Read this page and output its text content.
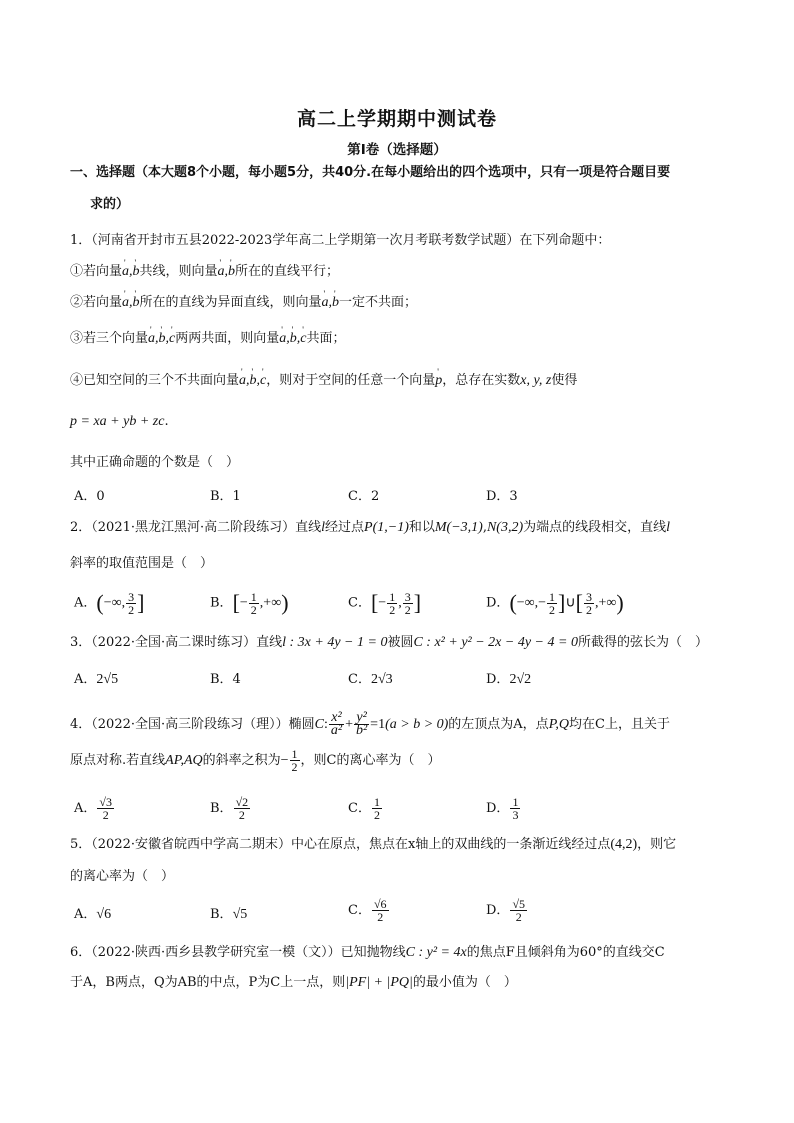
高二上学期期中测试卷
第I卷（选择题）
一、选择题（本大题8个小题，每小题5分，共40分.在每小题给出的四个选项中，只有一项是符合题目要
求的）
1．（河南省开封市五县2022-2023学年高二上学期第一次月考联考数学试题）在下列命题中：
①若向量' a,' b共线，则向量' a,' b所在的直线平行；
②若向量' a,' b所在的直线为异面直线，则向量' a,' b一定不共面；
③若三个向量' a,' b,' c两两共面，则向量' a,' b,' c共面；
④已知空间的三个不共面向量' a,' b,' c，则对于空间的任意一个向量' p，总存在实数x, y, z使得
p = xa + yb + zc.
其中正确命题的个数是（　）
A．0	B．1	C．2	D．3
2．（2021·黑龙江黑河·高二阶段练习）直线l经过点P(1,−1)和以M(−3,1),N(3,2)为端点的线段相交，直线l
斜率的取值范围是（　）
A．(−∞, $\frac{3}{2}$ ]	B．[− $\frac{1}{2}$ ,+∞)	C．[− $\frac{1}{2}$ , $\frac{3}{2}$ ]	D．(−∞,− $\frac{1}{2}$ ]∪[ $\frac{3}{2}$ ,+∞)
3．（2022·全国·高二课时练习）直线l : 3x + 4y − 1 = 0被圆C : x² + y² − 2x − 4y − 4 = 0所截得的弦长为（　）
A．2√5	B．4	C．2√3	D．2√2
4．（2022·全国·高三阶段练习（理））椭圆C: $\frac{\text{x²}}{\text{a²}} + \frac{\text{y²}}{\text{b²}} =1(a > b > 0)$的左顶点为A，点P,Q均在C上，且关于
原点对称.若直线AP,AQ的斜率之积为− $\frac{1}{2}$ ，则C的离心率为（　）
A． $\frac{√3}{2}$	B． $\frac{√2}{2}$	C． $\frac{1}{2}$	D． $\frac{1}{3}$
5．（2022·安徽省皖西中学高二期末）中心在原点，焦点在x轴上的双曲线的一条渐近线经过点(4,2)，则它
的离心率为（　）
A．√6	B．√5	C． $\frac{√6}{2}$	D． $\frac{√5}{2}$
6．（2022·陕西·西乡县教学研究室一模（文））已知抛物线C : y² = 4x的焦点F且倾斜角为60°的直线交C
于A，B两点，Q为AB的中点，P为C上一点，则|PF| + |PQ|的最小值为（　）
